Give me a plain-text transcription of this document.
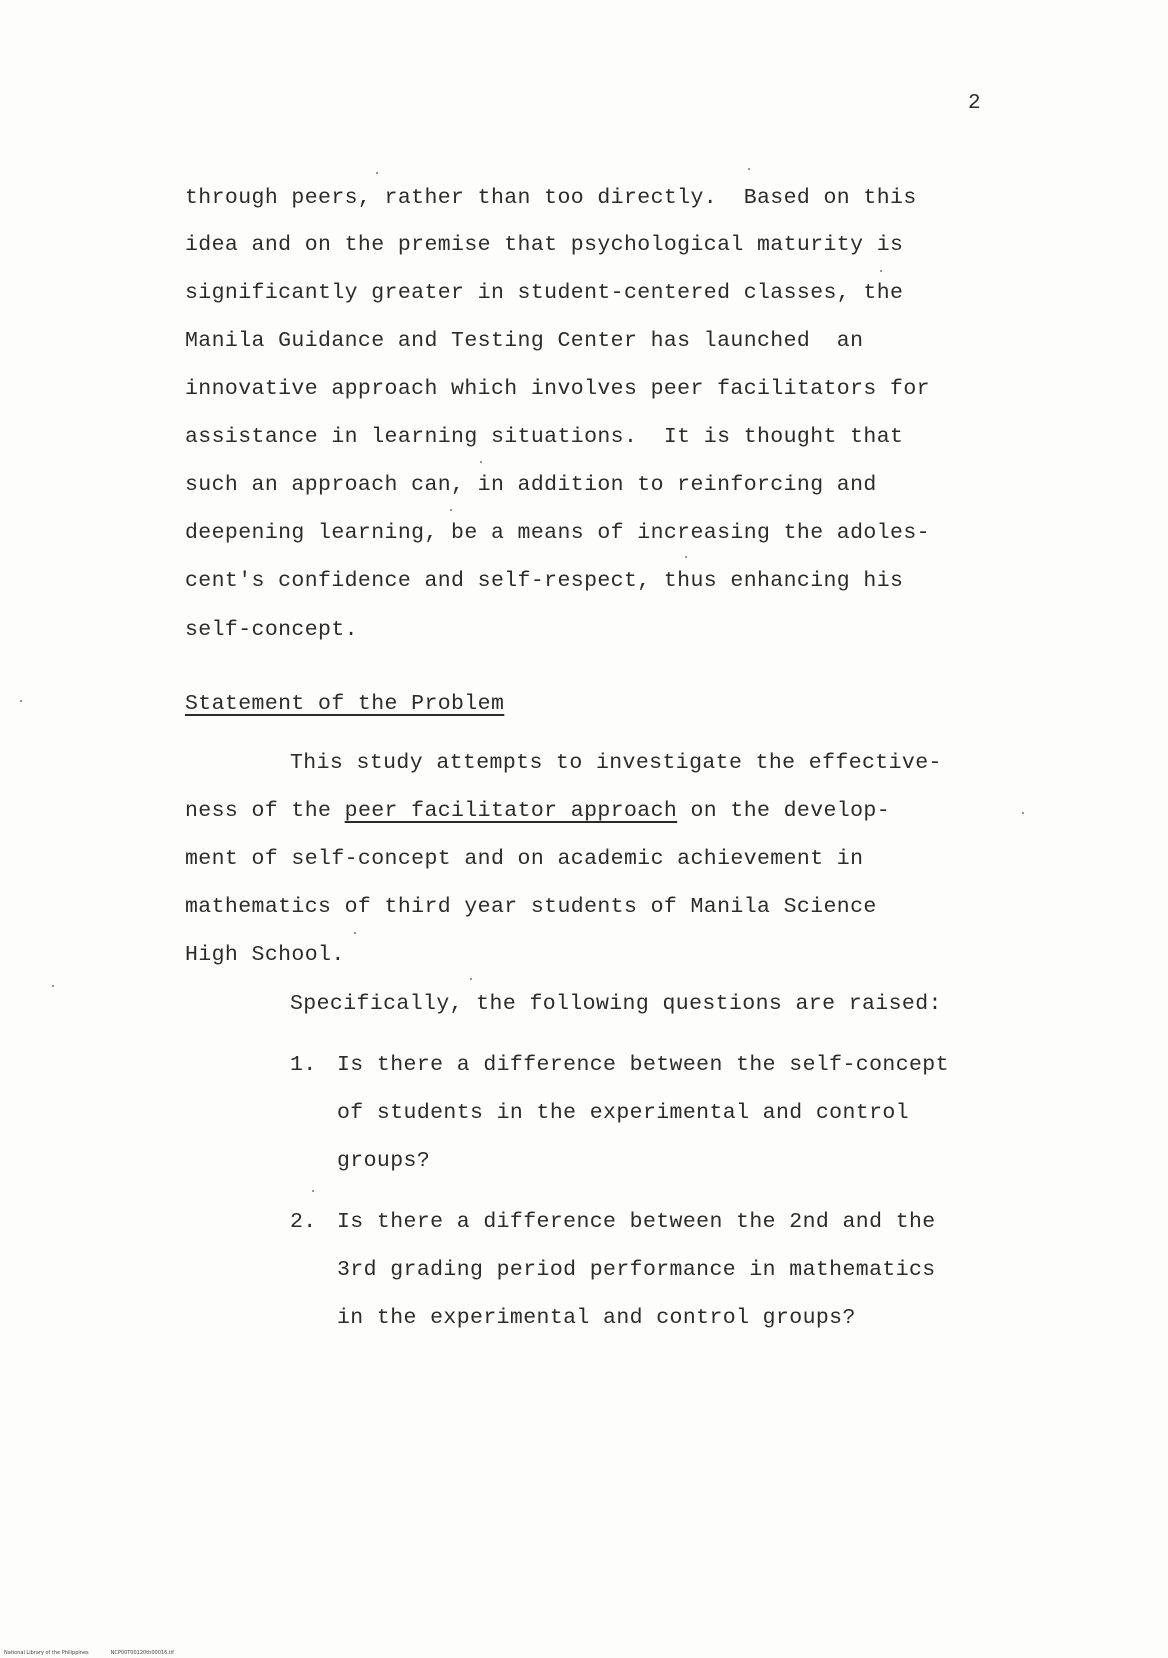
2
through peers, rather than too directly.  Based on this
idea and on the premise that psychological maturity is
significantly greater in student-centered classes, the
Manila Guidance and Testing Center has launched  an
innovative approach which involves peer facilitators for
assistance in learning situations.  It is thought that
such an approach can, in addition to reinforcing and
deepening learning, be a means of increasing the adoles-
cent's confidence and self-respect, thus enhancing his
self-concept.
Statement of the Problem
This study attempts to investigate the effective-
ness of the peer facilitator approach on the develop-
ment of self-concept and on academic achievement in
mathematics of third year students of Manila Science
High School.
Specifically, the following questions are raised:
1. Is there a difference between the self-concept
of students in the experimental and control
groups?
2. Is there a difference between the 2nd and the
3rd grading period performance in mathematics
in the experimental and control groups?
National Library of the Philippines	NCP00T00120th00016.tif
